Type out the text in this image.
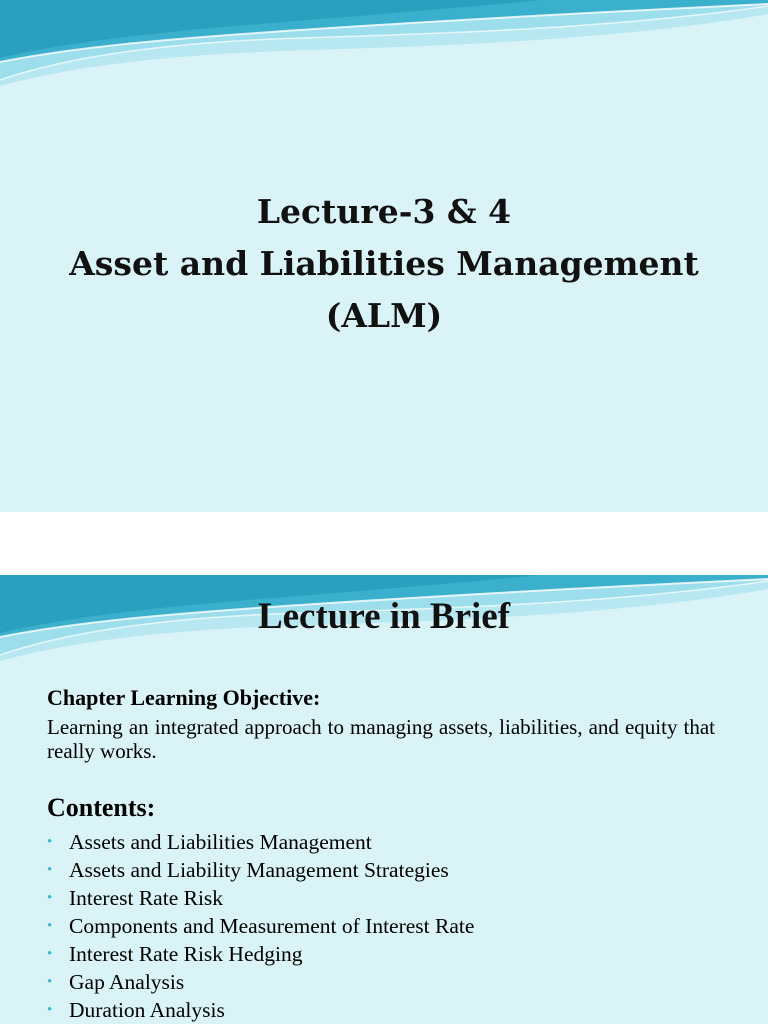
Lecture-3 & 4
Asset and Liabilities Management
(ALM)
Lecture in Brief
Chapter Learning Objective:
Learning an integrated approach to managing assets, liabilities, and equity that really works.
Contents:
• Assets and Liabilities Management
• Assets and Liability Management Strategies
• Interest Rate Risk
• Components and Measurement of Interest Rate
• Interest Rate Risk Hedging
• Gap Analysis
• Duration Analysis
